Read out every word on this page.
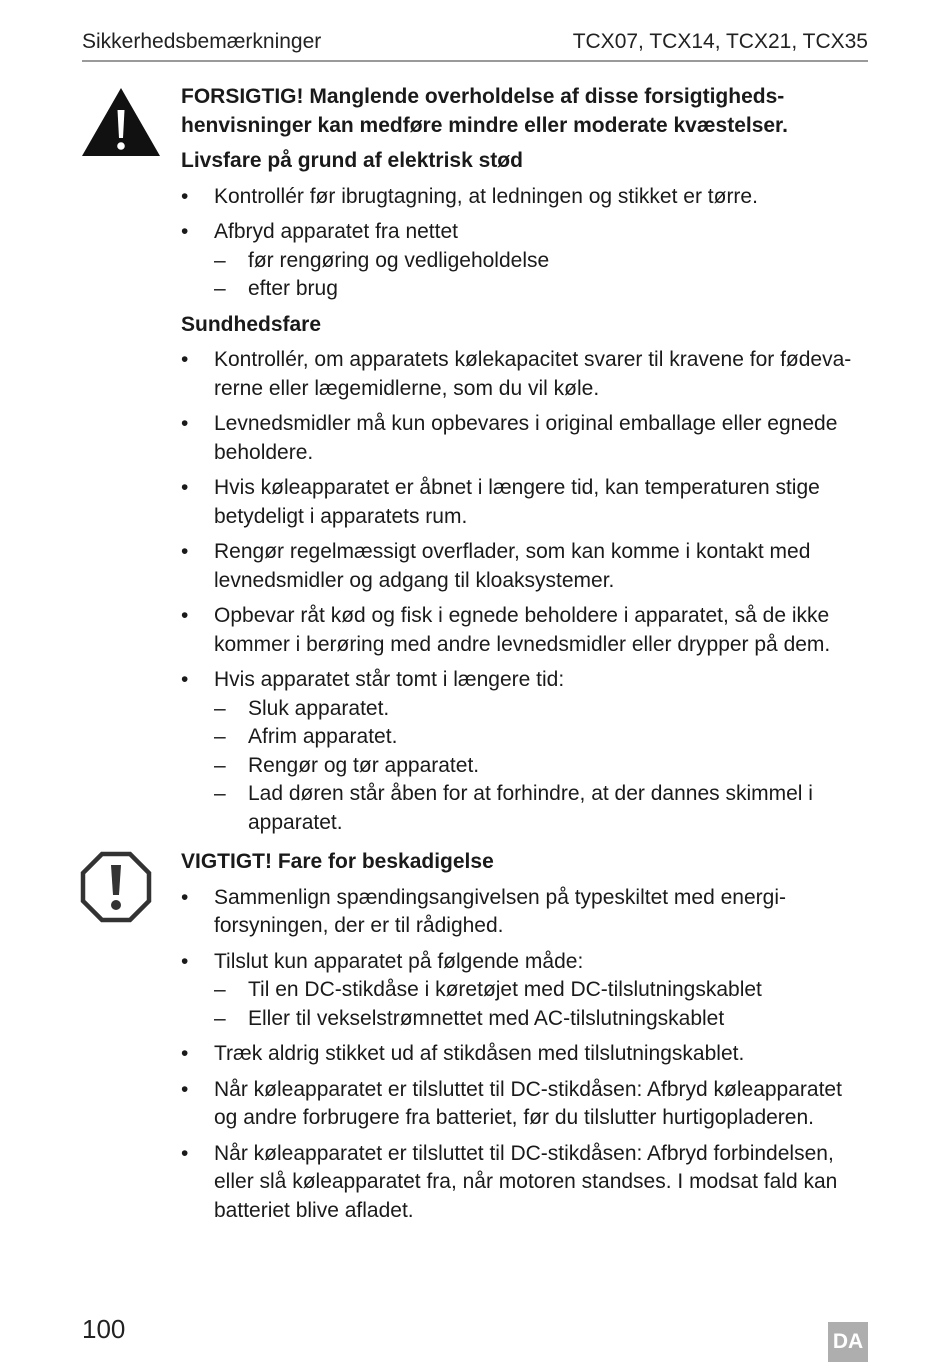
Sikkerhedsbemærkninger	TCX07, TCX14, TCX21, TCX35
FORSIGTIG! Manglende overholdelse af disse forsigtigheds-
henvisninger kan medføre mindre eller moderate kvæstelser.
Livsfare på grund af elektrisk stød
• Kontrollér før ibrugtagning, at ledningen og stikket er tørre.
• Afbryd apparatet fra nettet
– før rengøring og vedligeholdelse
– efter brug
Sundhedsfare
• Kontrollér, om apparatets kølekapacitet svarer til kravene for fødeva- rerne eller lægemidlerne, som du vil køle.
• Levnedsmidler må kun opbevares i original emballage eller egnede beholdere.
• Hvis køleapparatet er åbnet i længere tid, kan temperaturen stige betydeligt i apparatets rum.
• Rengør regelmæssigt overflader, som kan komme i kontakt med levnedsmidler og adgang til kloaksystemer.
• Opbevar råt kød og fisk i egnede beholdere i apparatet, så de ikke kommer i berøring med andre levnedsmidler eller drypper på dem.
• Hvis apparatet står tomt i længere tid:
– Sluk apparatet.
– Afrim apparatet.
– Rengør og tør apparatet.
– Lad døren står åben for at forhindre, at der dannes skimmel i apparatet.
VIGTIGT! Fare for beskadigelse
• Sammenlign spændingsangivelsen på typeskiltet med energi- forsyningen, der er til rådighed.
• Tilslut kun apparatet på følgende måde:
– Til en DC-stikdåse i køretøjet med DC-tilslutningskablet
– Eller til vekselstrømnettet med AC-tilslutningskablet
• Træk aldrig stikket ud af stikdåsen med tilslutningskablet.
• Når køleapparatet er tilsluttet til DC-stikdåsen: Afbryd køleapparatet og andre forbrugere fra batteriet, før du tilslutter hurtigopladeren.
• Når køleapparatet er tilsluttet til DC-stikdåsen: Afbryd forbindelsen, eller slå køleapparatet fra, når motoren standses. I modsat fald kan batteriet blive afladet.
100	DA
